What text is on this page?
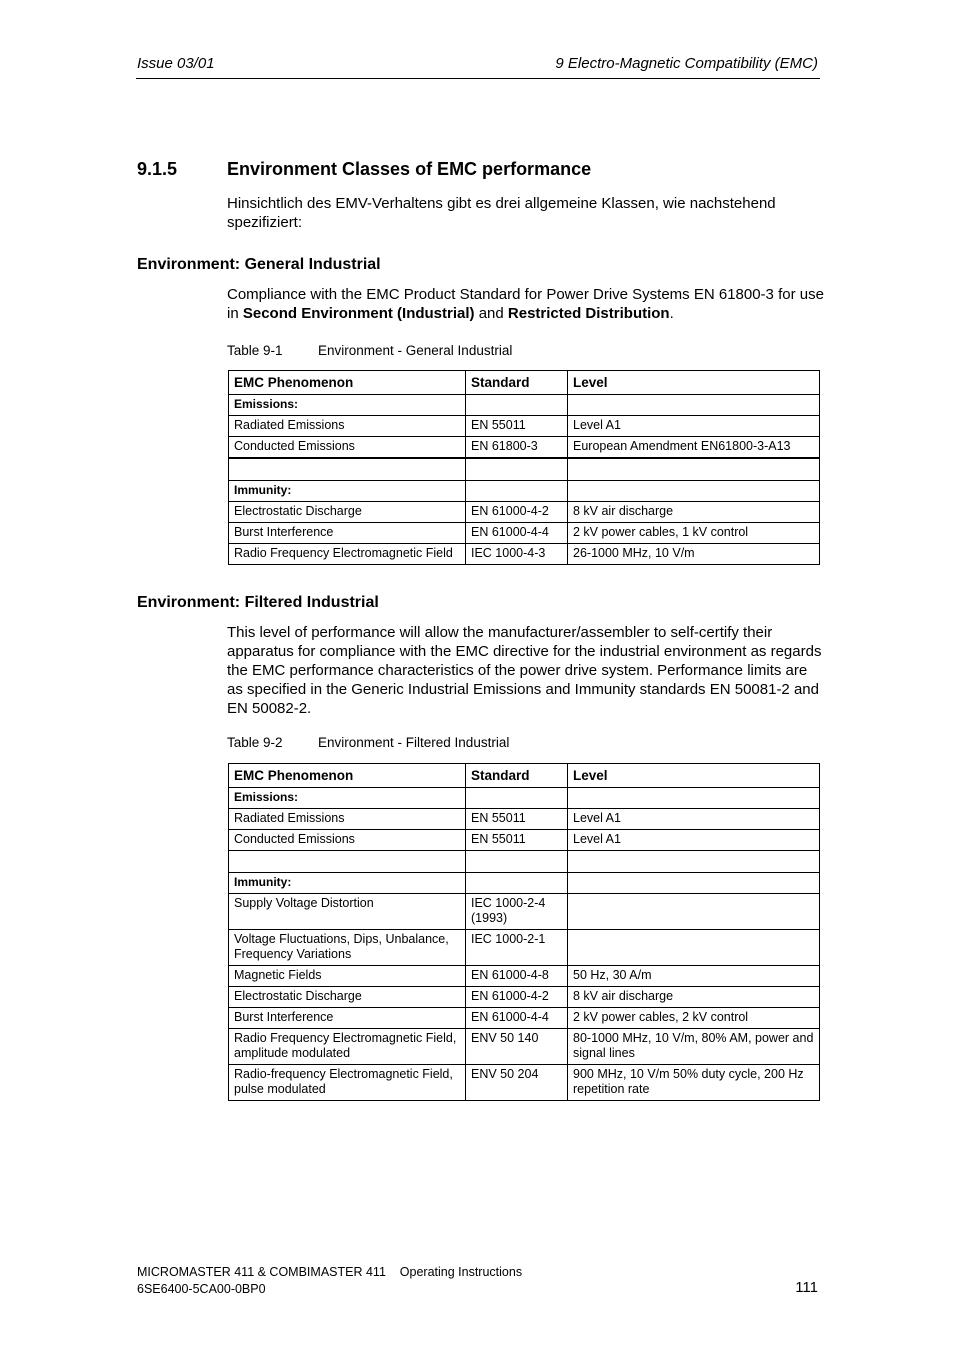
Issue 03/01	9 Electro-Magnetic Compatibility (EMC)
9.1.5	Environment Classes of EMC performance
Hinsichtlich des EMV-Verhaltens gibt es drei allgemeine Klassen, wie nachstehend spezifiziert:
Environment: General Industrial
Compliance with the EMC Product Standard for Power Drive Systems EN 61800-3 for use in Second Environment (Industrial) and Restricted Distribution.
Table 9-1	Environment - General Industrial
EMC Phenomenon	Standard	Level
Emissions:		
Radiated Emissions	EN 55011	Level A1
Conducted Emissions	EN 61800-3	European Amendment EN61800-3-A13

Immunity:		
Electrostatic Discharge	EN 61000-4-2	8 kV air discharge
Burst Interference	EN 61000-4-4	2 kV power cables, 1 kV control
Radio Frequency Electromagnetic Field	IEC 1000-4-3	26-1000 MHz, 10 V/m
Environment: Filtered Industrial
This level of performance will allow the manufacturer/assembler to self-certify their apparatus for compliance with the EMC directive for the industrial environment as regards the EMC performance characteristics of the power drive system. Performance limits are as specified in the Generic Industrial Emissions and Immunity standards EN 50081-2 and EN 50082-2.
Table 9-2	Environment - Filtered Industrial
EMC Phenomenon	Standard	Level
Emissions:		
Radiated Emissions	EN 55011	Level A1
Conducted Emissions	EN 55011	Level A1

Immunity:		
Supply Voltage Distortion	IEC 1000-2-4 (1993)	
Voltage Fluctuations, Dips, Unbalance, Frequency Variations	IEC 1000-2-1	
Magnetic Fields	EN 61000-4-8	50 Hz, 30 A/m
Electrostatic Discharge	EN 61000-4-2	8 kV air discharge
Burst Interference	EN 61000-4-4	2 kV power cables, 2 kV control
Radio Frequency Electromagnetic Field, amplitude modulated	ENV 50 140	80-1000 MHz, 10 V/m, 80% AM, power and signal lines
Radio-frequency Electromagnetic Field, pulse modulated	ENV 50 204	900 MHz, 10 V/m 50% duty cycle, 200 Hz repetition rate
MICROMASTER 411 & COMBIMASTER 411    Operating Instructions
6SE6400-5CA00-0BP0	111
